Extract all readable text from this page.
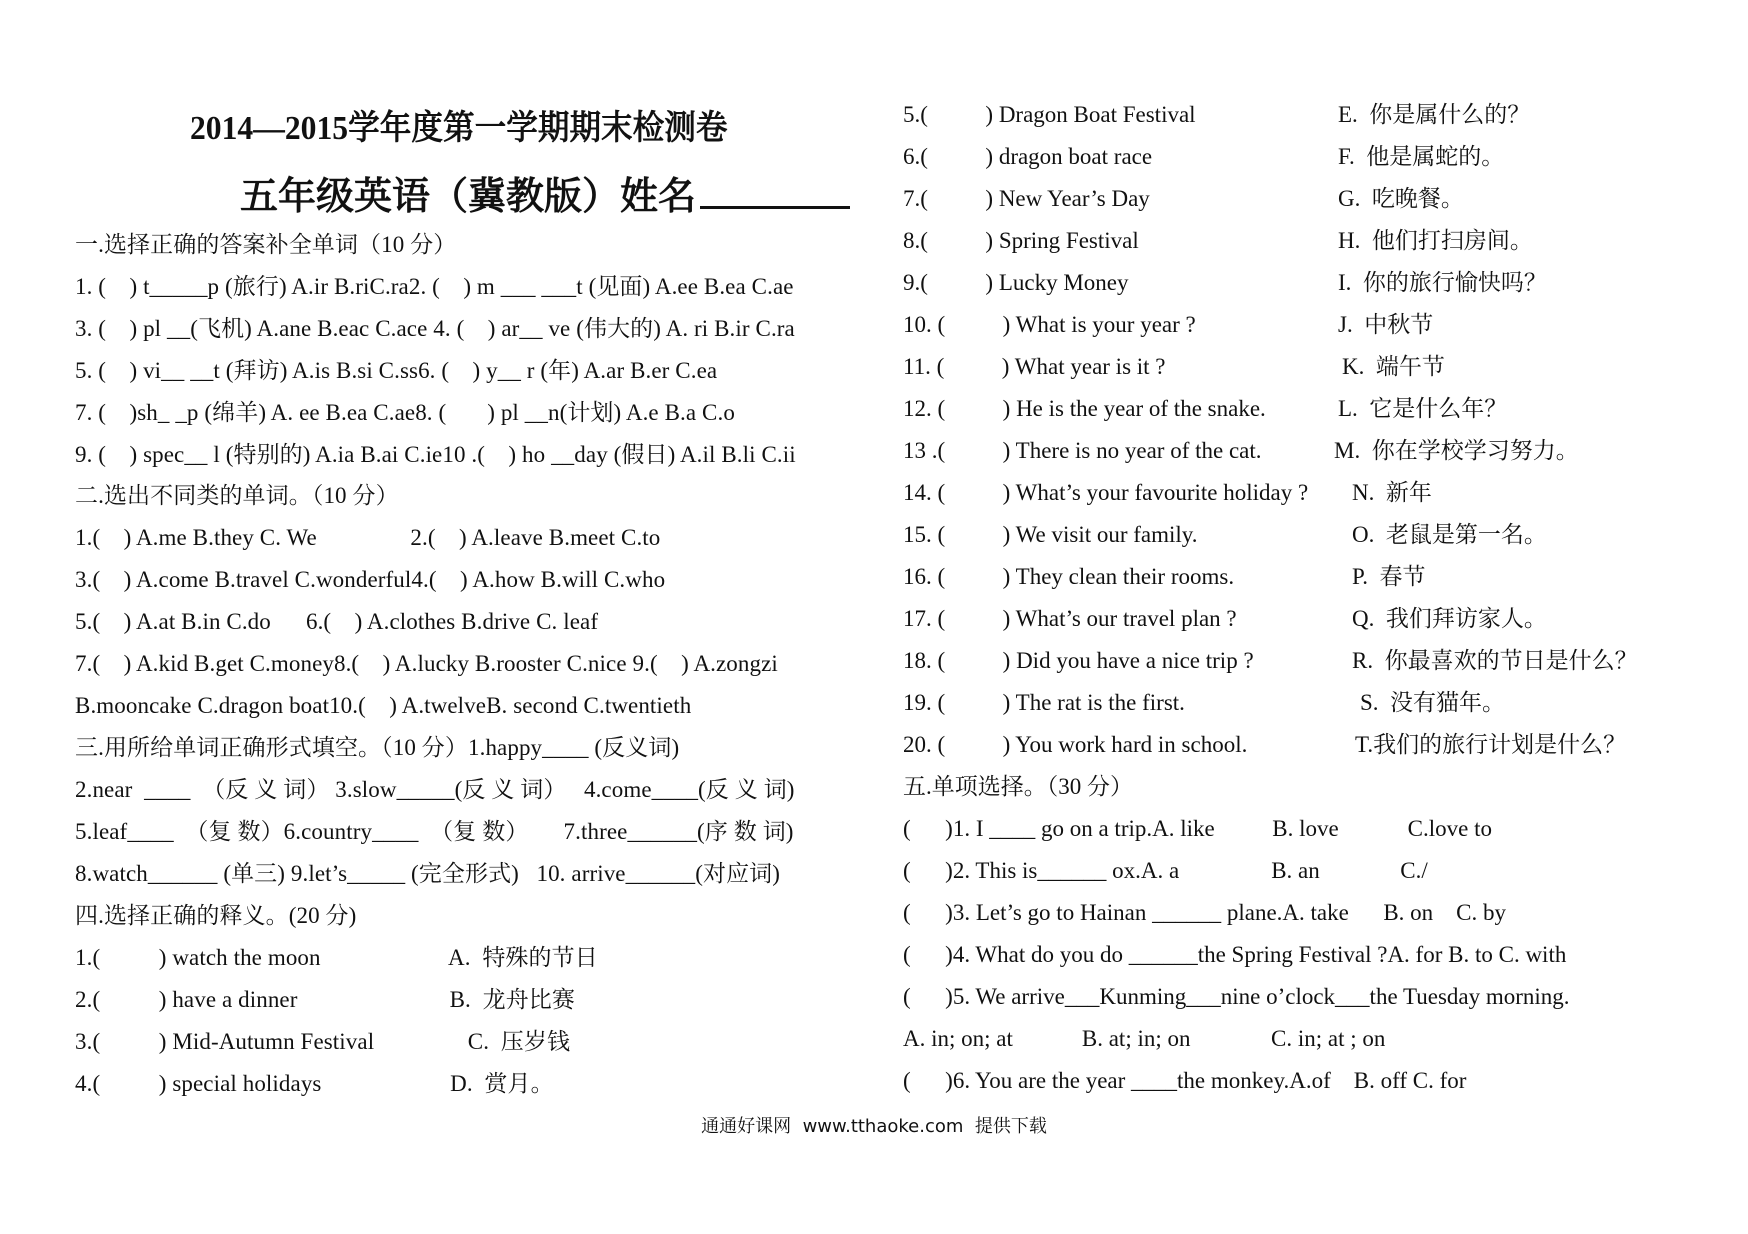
2014—2015学年度第一学期期末检测卷
五年级英语（冀教版）姓名
一.选择正确的答案补全单词（10 分）
1. (    ) t_____p (旅行) A.ir B.riC.ra2. (    ) m ___ ___t (见面) A.ee B.ea C.ae
3. (    ) pl __(飞机) A.ane B.eac C.ace 4. (    ) ar__ ve (伟大的) A. ri B.ir C.ra
5. (    ) vi__ __t (拜访) A.is B.si C.ss6. (    ) y__ r (年) A.ar B.er C.ea
7. (    )sh_ _p (绵羊) A. ee B.ea C.ae8. (       ) pl __n(计划) A.e B.a C.o
9. (    ) spec__ l (特别的) A.ia B.ai C.ie10 .(    ) ho __day (假日) A.il B.li C.ii
二.选出不同类的单词。（10 分）
1.(    ) A.me B.they C. We                2.(    ) A.leave B.meet C.to
3.(    ) A.come B.travel C.wonderful4.(    ) A.how B.will C.who
5.(    ) A.at B.in C.do      6.(    ) A.clothes B.drive C. leaf
7.(    ) A.kid B.get C.money8.(    ) A.lucky B.rooster C.nice 9.(    ) A.zongzi
B.mooncake C.dragon boat10.(    ) A.twelveB. second C.twentieth
三.用所给单词正确形式填空。（10 分）1.happy____ (反义词)
2.near  ____  （反 义 词） 3.slow_____(反 义 词）   4.come____(反 义 词)
5.leaf____  （复 数）6.country____  （复 数）      7.three______(序 数 词)
8.watch______ (单三) 9.let’s_____ (完全形式)   10. arrive______(对应词)
四.选择正确的释义。(20 分)
1.(          ) watch the moon                      A.  特殊的节日
2.(          ) have a dinner                          B.  龙舟比赛
3.(          ) Mid-Autumn Festival                C.  压岁钱
4.(          ) special holidays                      D.  赏月。
5.(          ) Dragon Boat Festival
6.(          ) dragon boat race
7.(          ) New Year’s Day
8.(          ) Spring Festival
9.(          ) Lucky Money
10. (          ) What is your year ?
11. (          ) What year is it ?
12. (          ) He is the year of the snake.
13 .(          ) There is no year of the cat.
14. (          ) What’s your favourite holiday ?
15. (          ) We visit our family.
16. (          ) They clean their rooms.
17. (          ) What’s our travel plan ?
18. (          ) Did you have a nice trip ?
19. (          ) The rat is the first.
20. (          ) You work hard in school.
E.  你是属什么的？
F.  他是属蛇的。
G.  吃晚餐。
H.  他们打扫房间。
I.  你的旅行愉快吗？
J.  中秋节
K.  端午节
L.  它是什么年？
M.  你在学校学习努力。
N.  新年
O.  老鼠是第一名。
P.  春节
Q.  我们拜访家人。
R.  你最喜欢的节日是什么？
S.  没有猫年。
T.我们的旅行计划是什么？
五.单项选择。（30 分）
(      )1. I ____ go on a trip.A. like          B. love            C.love to
(      )2. This is______ ox.A. a                B. an              C./
(      )3. Let’s go to Hainan ______ plane.A. take      B. on    C. by
(      )4. What do you do ______the Spring Festival ?A. for B. to C. with
(      )5. We arrive___Kunming___nine o’clock___the Tuesday morning.
A. in; on; at            B. at; in; on              C. in; at ; on
(      )6. You are the year ____the monkey.A.of    B. off C. for
通通好课网  www.tthaoke.com  提供下载
